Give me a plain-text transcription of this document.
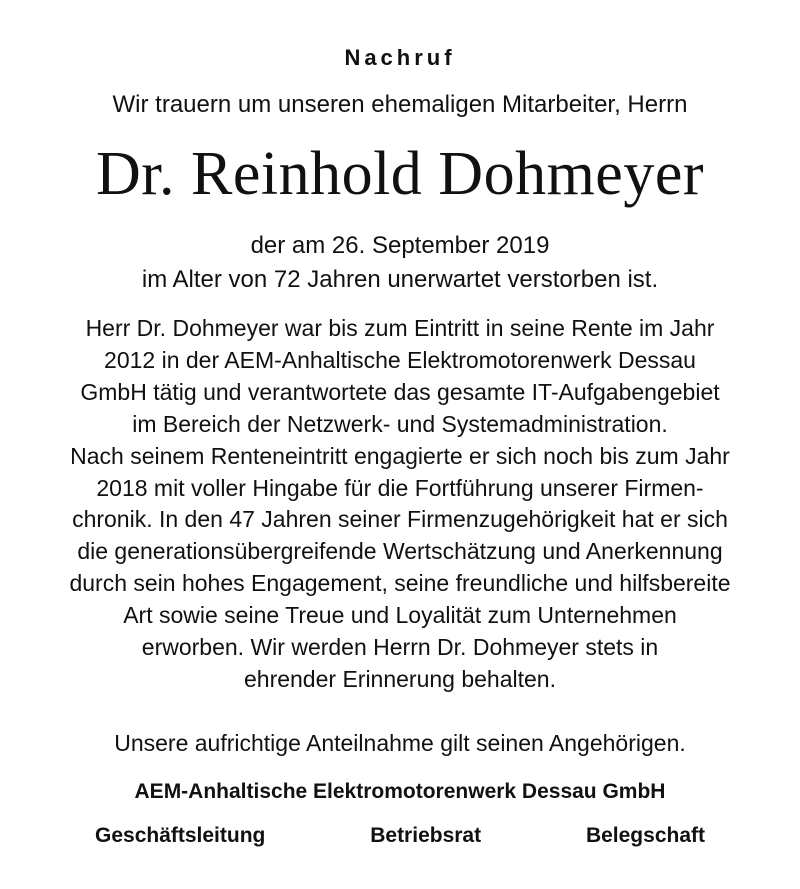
Nachruf
Wir trauern um unseren ehemaligen Mitarbeiter, Herrn
Dr. Reinhold Dohmeyer
der am 26. September 2019
im Alter von 72 Jahren unerwartet verstorben ist.
Herr Dr. Dohmeyer war bis zum Eintritt in seine Rente im Jahr
2012 in der AEM-Anhaltische Elektromotorenwerk Dessau
GmbH tätig und verantwortete das gesamte IT-Aufgabengebiet
im Bereich der Netzwerk- und Systemadministration.
Nach seinem Renteneintritt engagierte er sich noch bis zum Jahr
2018 mit voller Hingabe für die Fortführung unserer Firmen-
chronik. In den 47 Jahren seiner Firmenzugehörigkeit hat er sich
die generationsübergreifende Wertschätzung und Anerkennung
durch sein hohes Engagement, seine freundliche und hilfsbereite
Art sowie seine Treue und Loyalität zum Unternehmen
erworben. Wir werden Herrn Dr. Dohmeyer stets in
ehrender Erinnerung behalten.
Unsere aufrichtige Anteilnahme gilt seinen Angehörigen.
AEM-Anhaltische Elektromotorenwerk Dessau GmbH
Geschäftsleitung	Betriebsrat	Belegschaft
